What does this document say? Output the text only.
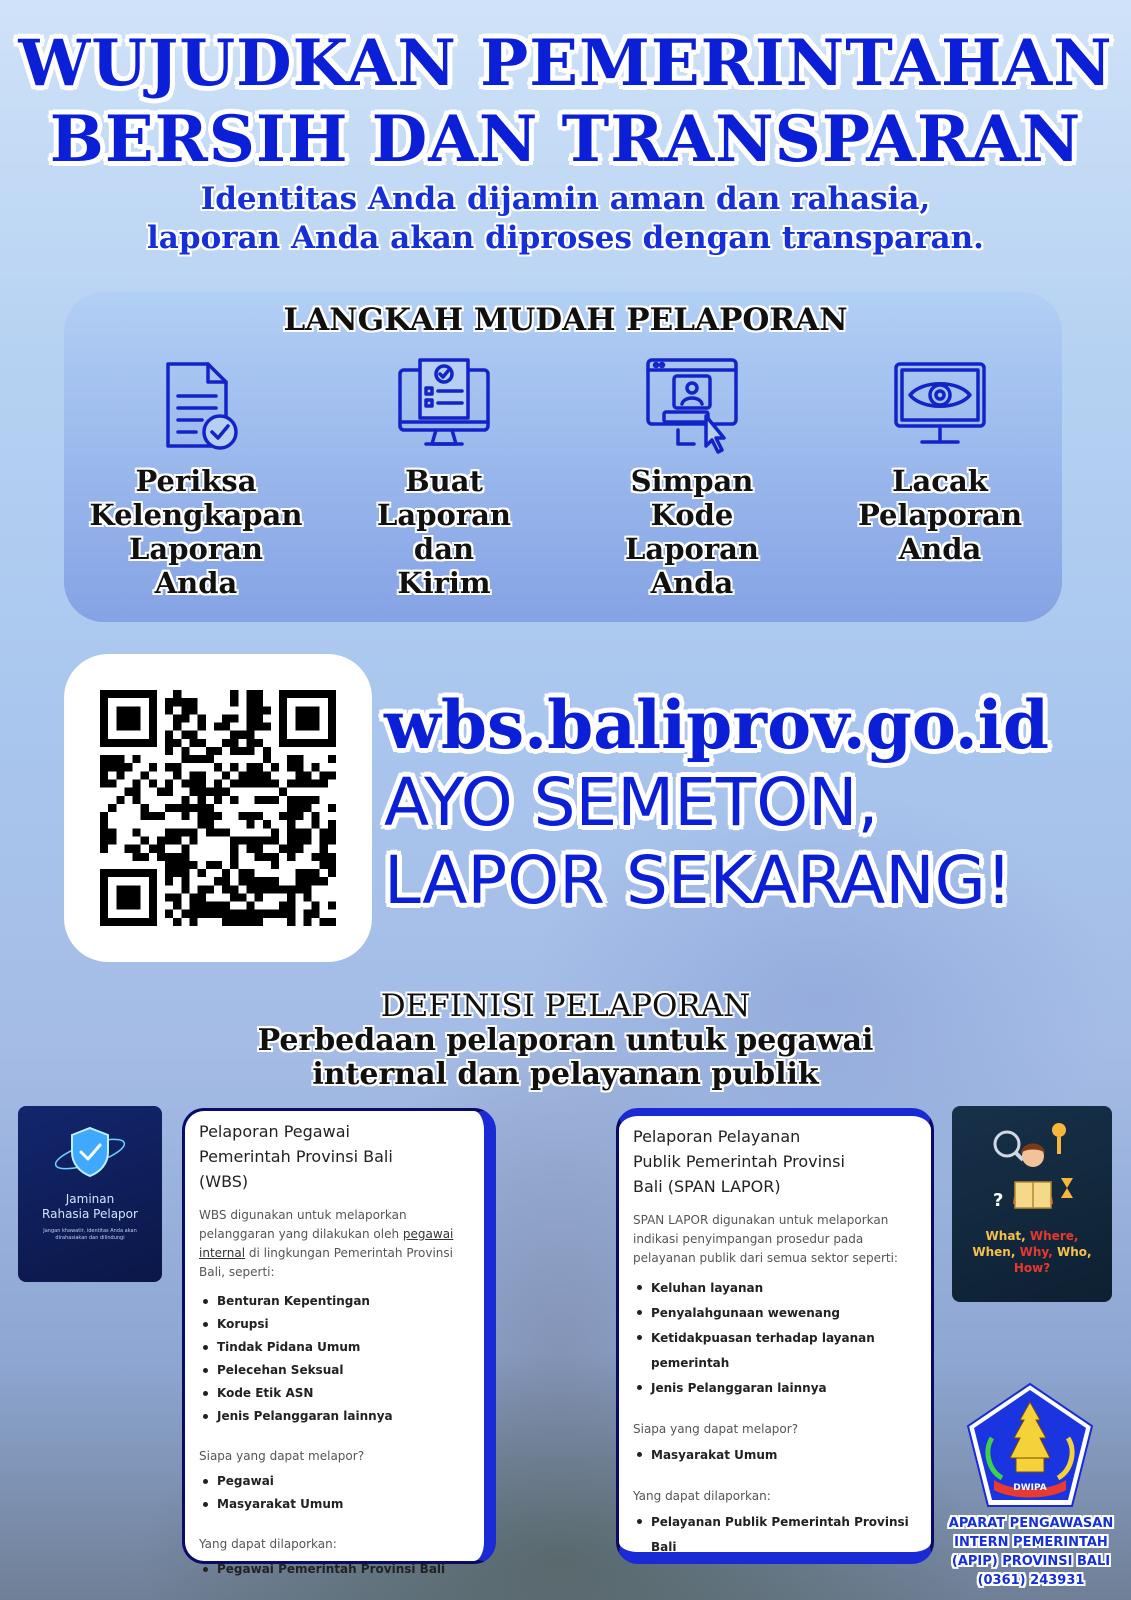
WUJUDKAN PEMERINTAHAN
BERSIH DAN TRANSPARAN
Identitas Anda dijamin aman dan rahasia,
laporan Anda akan diproses dengan transparan.
LANGKAH MUDAH PELAPORAN
Periksa
Kelengkapan
Laporan
Anda
Buat
Laporan
dan
Kirim
Simpan
Kode
Laporan
Anda
Lacak
Pelaporan
Anda
wbs.baliprov.go.id
AYO SEMETON,
LAPOR SEKARANG!
DEFINISI PELAPORAN
Perbedaan pelaporan untuk pegawai
internal dan pelayanan publik
Jaminan
Rahasia Pelapor
Jangan khawatir, identitas Anda akan
dirahasiakan dan dilindungi
Pelaporan Pegawai
Pemerintah Provinsi Bali
(WBS)

WBS digunakan untuk melaporkan pelanggaran yang dilakukan oleh pegawai internal di lingkungan Pemerintah Provinsi Bali, seperti:

Benturan Kepentingan
Korupsi
Tindak Pidana Umum
Pelecehan Seksual
Kode Etik ASN
Jenis Pelanggaran lainnya
Siapa yang dapat melapor?
Pegawai
Masyarakat Umum
Yang dapat dilaporkan:
Pegawai Pemerintah Provinsi Bali
Pelaporan Pelayanan
Publik Pemerintah Provinsi
Bali (SPAN LAPOR)

SPAN LAPOR digunakan untuk melaporkan indikasi penyimpangan prosedur pada pelayanan publik dari semua sektor seperti:

Keluhan layanan
Penyalahgunaan wewenang
Ketidakpuasan terhadap layanan pemerintah
Jenis Pelanggaran lainnya
Siapa yang dapat melapor?
Masyarakat Umum
Yang dapat dilaporkan:
Pelayanan Publik Pemerintah Provinsi Bali
?
What, Where,
When, Why, Who,
How?
DWIPA
APARAT PENGAWASAN
INTERN PEMERINTAH
(APIP) PROVINSI BALI
(0361) 243931
